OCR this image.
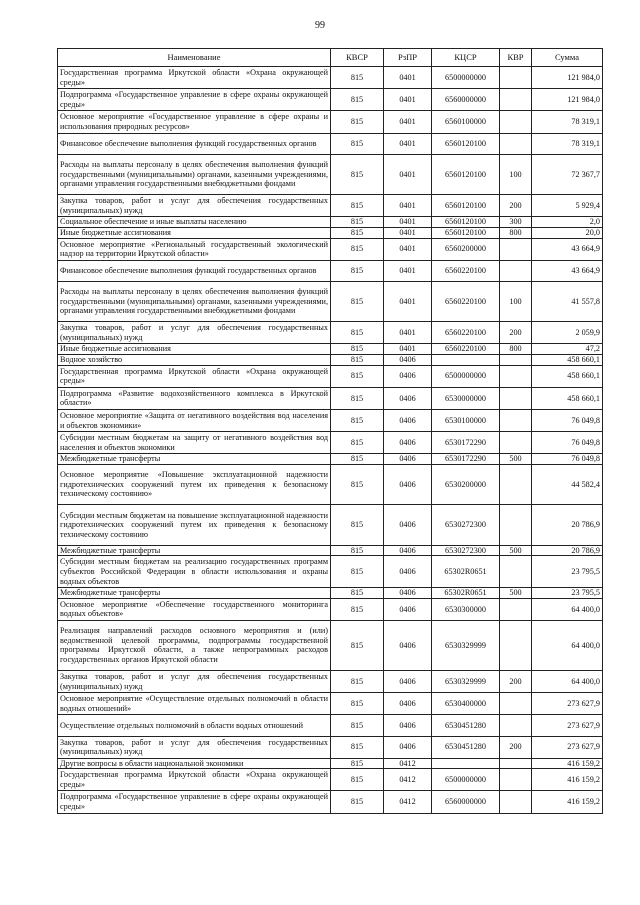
99
Наименование	КВСР	РзПР	КЦСР	КВР	Сумма
Государственная программа Иркутской области «Охрана окружающей среды»	815	0401	6500000000		121 984,0
Подпрограмма «Государственное управление в сфере охраны окружающей среды»	815	0401	6560000000		121 984,0
Основное мероприятие «Государственное управление в сфере охраны и использования природных ресурсов»	815	0401	6560100000		78 319,1
Финансовое обеспечение выполнения функций государственных органов	815	0401	6560120100		78 319,1
Расходы на выплаты персоналу в целях обеспечения выполнения функций государственными (муниципальными) органами, казенными учреждениями, органами управления государственными внебюджетными фондами	815	0401	6560120100	100	72 367,7
Закупка товаров, работ и услуг для обеспечения государственных (муниципальных) нужд	815	0401	6560120100	200	5 929,4
Социальное обеспечение и иные выплаты населению	815	0401	6560120100	300	2,0
Иные бюджетные ассигнования	815	0401	6560120100	800	20,0
Основное мероприятие «Региональный государственный экологический надзор на территории Иркутской области»	815	0401	6560200000		43 664,9
Финансовое обеспечение выполнения функций государственных органов	815	0401	6560220100		43 664,9
Расходы на выплаты персоналу в целях обеспечения выполнения функций государственными (муниципальными) органами, казенными учреждениями, органами управления государственными внебюджетными фондами	815	0401	6560220100	100	41 557,8
Закупка товаров, работ и услуг для обеспечения государственных (муниципальных) нужд	815	0401	6560220100	200	2 059,9
Иные бюджетные ассигнования	815	0401	6560220100	800	47,2
Водное хозяйство	815	0406			458 660,1
Государственная программа Иркутской области «Охрана окружающей среды»	815	0406	6500000000		458 660,1
Подпрограмма «Развитие водохозяйственного комплекса в Иркутской области»	815	0406	6530000000		458 660,1
Основное мероприятие «Защита от негативного воздействия вод населения и объектов экономики»	815	0406	6530100000		76 049,8
Субсидии местным бюджетам на защиту от негативного воздействия вод населения и объектов экономики	815	0406	6530172290		76 049,8
Межбюджетные трансферты	815	0406	6530172290	500	76 049,8
Основное мероприятие «Повышение эксплуатационной надежности гидротехнических сооружений путем их приведения к безопасному техническому состоянию»	815	0406	6530200000		44 582,4
Субсидии местным бюджетам на повышение эксплуатационной надежности гидротехнических сооружений путем их приведения к безопасному техническому состоянию	815	0406	6530272300		20 786,9
Межбюджетные трансферты	815	0406	6530272300	500	20 786,9
Субсидии местным бюджетам на реализацию государственных программ субъектов Российской Федерации в области использования и охраны водных объектов	815	0406	65302R0651		23 795,5
Межбюджетные трансферты	815	0406	65302R0651	500	23 795,5
Основное мероприятие «Обеспечение государственного мониторинга водных объектов»	815	0406	6530300000		64 400,0
Реализация направлений расходов основного мероприятия и (или) ведомственной целевой программы, подпрограммы государственной программы Иркутской области, а также непрограммных расходов государственных органов Иркутской области	815	0406	6530329999		64 400,0
Закупка товаров, работ и услуг для обеспечения государственных (муниципальных) нужд	815	0406	6530329999	200	64 400,0
Основное мероприятие «Осуществление отдельных полномочий в области водных отношений»	815	0406	6530400000		273 627,9
Осуществление отдельных полномочий в области водных отношений	815	0406	6530451280		273 627,9
Закупка товаров, работ и услуг для обеспечения государственных (муниципальных) нужд	815	0406	6530451280	200	273 627,9
Другие вопросы в области национальной экономики	815	0412			416 159,2
Государственная программа Иркутской области «Охрана окружающей среды»	815	0412	6500000000		416 159,2
Подпрограмма «Государственное управление в сфере охраны окружающей среды»	815	0412	6560000000		416 159,2
